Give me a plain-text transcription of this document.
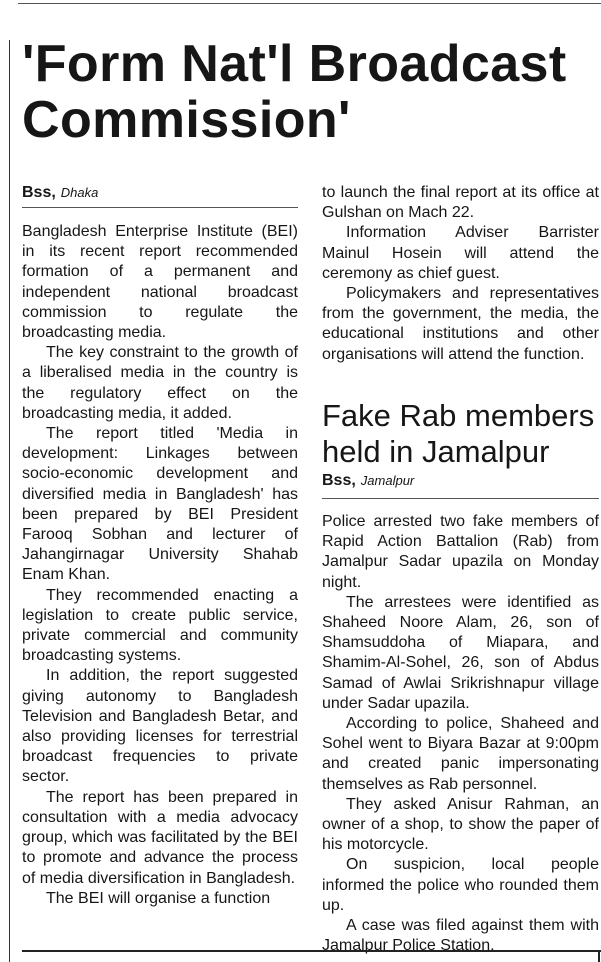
'Form Nat'l Broadcast Commission'
Bss, Dhaka

Bangladesh Enterprise Institute (BEI) in its recent report recommended formation of a permanent and independent national broadcast commission to regulate the broadcasting media.

The key constraint to the growth of a liberalised media in the country is the regulatory effect on the broadcasting media, it added.

The report titled 'Media in development: Linkages between socio-economic development and diversified media in Bangladesh' has been prepared by BEI President Farooq Sobhan and lecturer of Jahangirnagar University Shahab Enam Khan.

They recommended enacting a legislation to create public service, private commercial and community broadcasting systems.

In addition, the report suggested giving autonomy to Bangladesh Television and Bangladesh Betar, and also providing licenses for terrestrial broadcast frequencies to private sector.

The report has been prepared in consultation with a media advocacy group, which was facilitated by the BEI to promote and advance the process of media diversification in Bangladesh.

The BEI will organise a function

to launch the final report at its office at Gulshan on Mach 22.

Information Adviser Barrister Mainul Hosein will attend the ceremony as chief guest.

Policymakers and representatives from the government, the media, the educational institutions and other organisations will attend the function.

Fake Rab members held in Jamalpur
Bss, Jamalpur

Police arrested two fake members of Rapid Action Battalion (Rab) from Jamalpur Sadar upazila on Monday night.

The arrestees were identified as Shaheed Noore Alam, 26, son of Shamsuddoha of Miapara, and Shamim-Al-Sohel, 26, son of Abdus Samad of Awlai Srikrishnapur village under Sadar upazila.

According to police, Shaheed and Sohel went to Biyara Bazar at 9:00pm and created panic impersonating themselves as Rab personnel.

They asked Anisur Rahman, an owner of a shop, to show the paper of his motorcycle.

On suspicion, local people informed the police who rounded them up.

A case was filed against them with Jamalpur Police Station.
